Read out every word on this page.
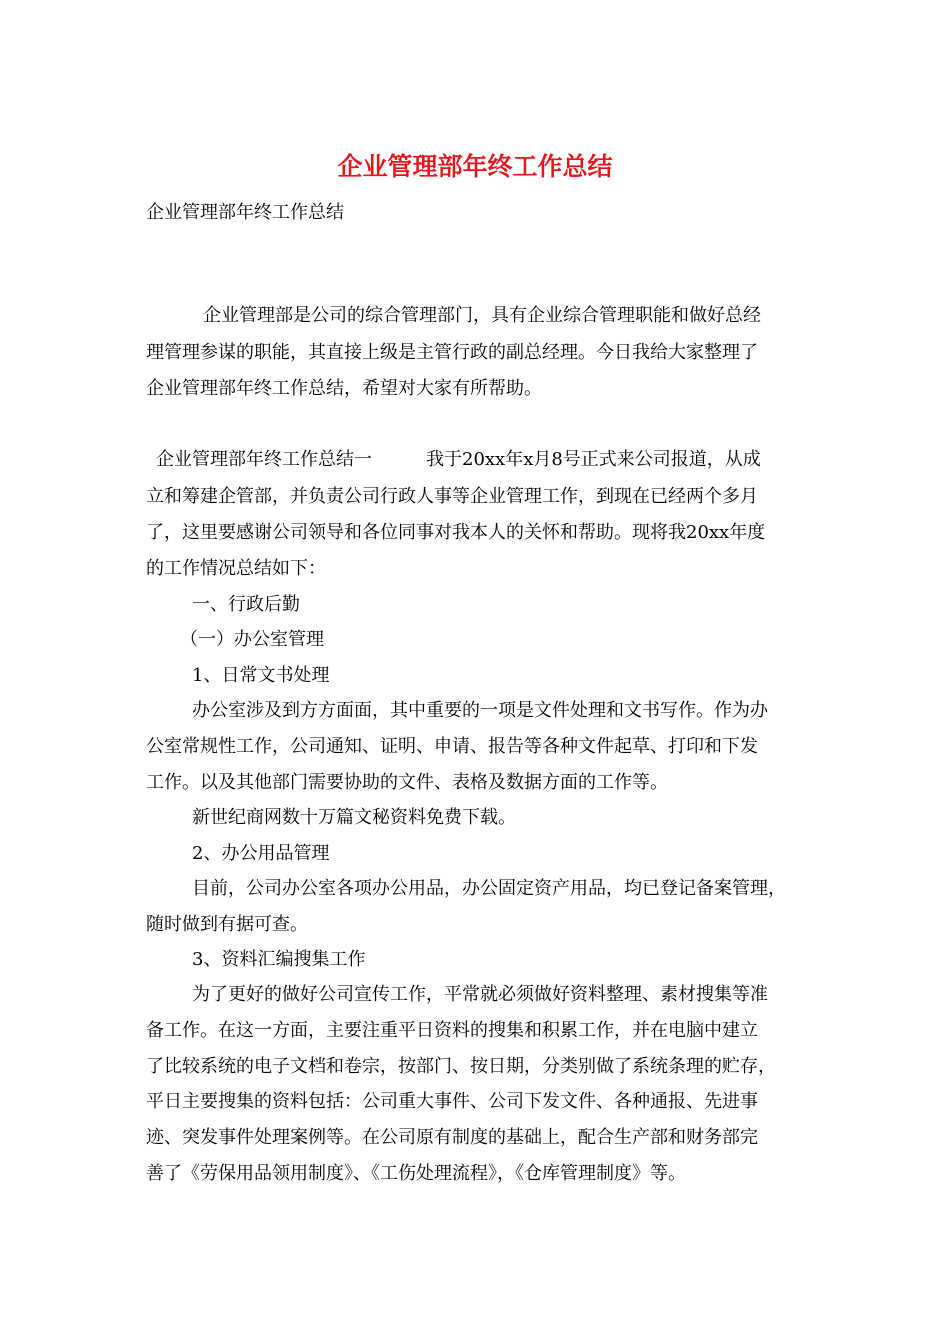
企业管理部年终工作总结

企业管理部年终工作总结

企业管理部是公司的综合管理部门，具有企业综合管理职能和做好总经

理管理参谋的职能，其直接上级是主管行政的副总经理。今日我给大家整理了

企业管理部年终工作总结，希望对大家有所帮助。

企业管理部年终工作总结一　　　我于20xx年x月8号正式来公司报道，从成

立和筹建企管部，并负责公司行政人事等企业管理工作，到现在已经两个多月

了，这里要感谢公司领导和各位同事对我本人的关怀和帮助。现将我20xx年度

的工作情况总结如下：

一、行政后勤

（一）办公室管理

1、日常文书处理

办公室涉及到方方面面，其中重要的一项是文件处理和文书写作。作为办

公室常规性工作，公司通知、证明、申请、报告等各种文件起草、打印和下发

工作。以及其他部门需要协助的文件、表格及数据方面的工作等。

新世纪商网数十万篇文秘资料免费下载。

2、办公用品管理

目前，公司办公室各项办公用品，办公固定资产用品，均已登记备案管理，

随时做到有据可查。

3、资料汇编搜集工作

为了更好的做好公司宣传工作，平常就必须做好资料整理、素材搜集等准

备工作。在这一方面，主要注重平日资料的搜集和积累工作，并在电脑中建立

了比较系统的电子文档和卷宗，按部门、按日期，分类别做了系统条理的贮存，

平日主要搜集的资料包括：公司重大事件、公司下发文件、各种通报、先进事

迹、突发事件处理案例等。在公司原有制度的基础上，配合生产部和财务部完

善了《劳保用品领用制度》、《工伤处理流程》，《仓库管理制度》等。
